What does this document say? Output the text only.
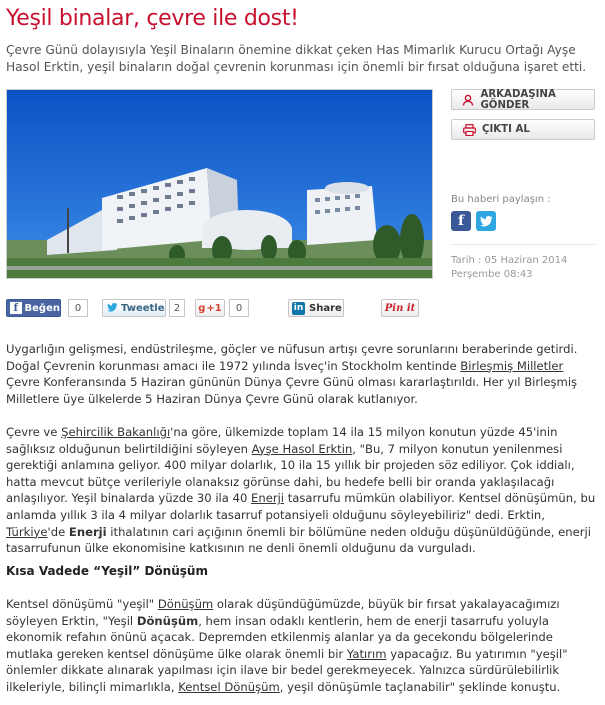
Yeşil binalar, çevre ile dost!

Çevre Günü dolayısıyla Yeşil Binaların önemine dikkat çeken Has Mimarlık Kurucu Ortağı Ayşe Hasol Erktin, yeşil binaların doğal çevrenin korunması için önemli bir fırsat olduğuna işaret etti.

ARKADAŞINA GÖNDER
ÇIKTI AL
Bu haberi paylaşın :
f
Tarih : 05 Haziran 2014
Perşembe 08:43
f Beğen	0	Tweetle 2	g +1	0	in Share	Pin it

Uygarlığın gelişmesi, endüstrileşme, göçler ve nüfusun artışı çevre sorunlarını beraberinde getirdi. Doğal Çevrenin korunması amacı ile 1972 yılında İsveç'in Stockholm kentinde Birleşmiş Milletler Çevre Konferansında 5 Haziran gününün Dünya Çevre Günü olması kararlaştırıldı. Her yıl Birleşmiş Milletlere üye ülkelerde 5 Haziran Dünya Çevre Günü olarak kutlanıyor.

Çevre ve Şehircilik Bakanlığı'na göre, ülkemizde toplam 14 ila 15 milyon konutun yüzde 45'inin sağlıksız olduğunun belirtildiğini söyleyen Ayşe Hasol Erktin, "Bu, 7 milyon konutun yenilenmesi gerektiği anlamına geliyor. 400 milyar dolarlık, 10 ila 15 yıllık bir projeden söz ediliyor. Çok iddialı, hatta mevcut bütçe verileriyle olanaksız görünse dahi, bu hedefe belli bir oranda yaklaşılacağı anlaşılıyor. Yeşil binalarda yüzde 30 ila 40 Enerji tasarrufu mümkün olabiliyor. Kentsel dönüşümün, bu anlamda yıllık 3 ila 4 milyar dolarlık tasarruf potansiyeli olduğunu söyleyebiliriz" dedi. Erktin, Türkiye'de Enerji ithalatının cari açığının önemli bir bölümüne neden olduğu düşünüldüğünde, enerji tasarrufunun ülke ekonomisine katkısının ne denli önemli olduğunu da vurguladı.

Kısa Vadede “Yeşil” Dönüşüm

Kentsel dönüşümü "yeşil" Dönüşüm olarak düşündüğümüzde, büyük bir fırsat yakalayacağımızı söyleyen Erktin, "Yeşil Dönüşüm, hem insan odaklı kentlerin, hem de enerji tasarrufu yoluyla ekonomik refahın önünü açacak. Depremden etkilenmiş alanlar ya da gecekondu bölgelerinde mutlaka gereken kentsel dönüşüme ülke olarak önemli bir Yatırım yapacağız. Bu yatırımın "yeşil" önlemler dikkate alınarak yapılması için ilave bir bedel gerekmeyecek. Yalnızca sürdürülebilirlik ilkeleriyle, bilinçli mimarlıkla, Kentsel Dönüşüm, yeşil dönüşümle taçlanabilir" şeklinde konuştu.
